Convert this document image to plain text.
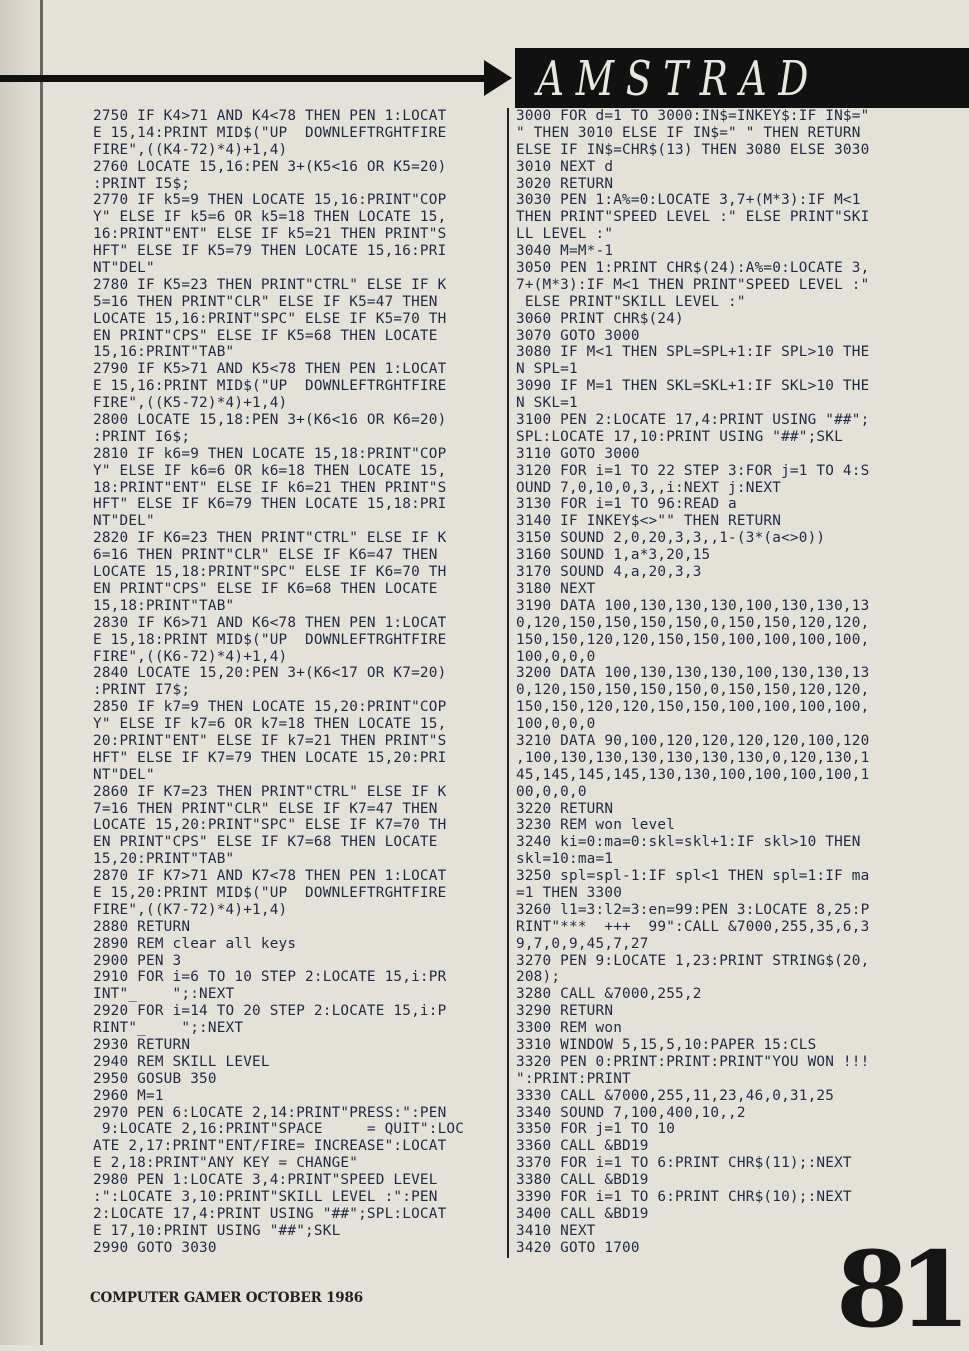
AMSTRAD
2750 IF K4>71 AND K4<78 THEN PEN 1:LOCAT
E 15,14:PRINT MID$("UP  DOWNLEFTRGHTFIRE
FIRE",((K4-72)*4)+1,4)
2760 LOCATE 15,16:PEN 3+(K5<16 OR K5=20)
:PRINT I5$;
2770 IF k5=9 THEN LOCATE 15,16:PRINT"COP
Y" ELSE IF k5=6 OR k5=18 THEN LOCATE 15,
16:PRINT"ENT" ELSE IF k5=21 THEN PRINT"S
HFT" ELSE IF K5=79 THEN LOCATE 15,16:PRI
NT"DEL"
2780 IF K5=23 THEN PRINT"CTRL" ELSE IF K
5=16 THEN PRINT"CLR" ELSE IF K5=47 THEN
LOCATE 15,16:PRINT"SPC" ELSE IF K5=70 TH
EN PRINT"CPS" ELSE IF K5=68 THEN LOCATE
15,16:PRINT"TAB"
2790 IF K5>71 AND K5<78 THEN PEN 1:LOCAT
E 15,16:PRINT MID$("UP  DOWNLEFTRGHTFIRE
FIRE",((K5-72)*4)+1,4)
2800 LOCATE 15,18:PEN 3+(K6<16 OR K6=20)
:PRINT I6$;
2810 IF k6=9 THEN LOCATE 15,18:PRINT"COP
Y" ELSE IF k6=6 OR k6=18 THEN LOCATE 15,
18:PRINT"ENT" ELSE IF k6=21 THEN PRINT"S
HFT" ELSE IF K6=79 THEN LOCATE 15,18:PRI
NT"DEL"
2820 IF K6=23 THEN PRINT"CTRL" ELSE IF K
6=16 THEN PRINT"CLR" ELSE IF K6=47 THEN
LOCATE 15,18:PRINT"SPC" ELSE IF K6=70 TH
EN PRINT"CPS" ELSE IF K6=68 THEN LOCATE
15,18:PRINT"TAB"
2830 IF K6>71 AND K6<78 THEN PEN 1:LOCAT
E 15,18:PRINT MID$("UP  DOWNLEFTRGHTFIRE
FIRE",((K6-72)*4)+1,4)
2840 LOCATE 15,20:PEN 3+(K6<17 OR K7=20)
:PRINT I7$;
2850 IF k7=9 THEN LOCATE 15,20:PRINT"COP
Y" ELSE IF k7=6 OR k7=18 THEN LOCATE 15,
20:PRINT"ENT" ELSE IF k7=21 THEN PRINT"S
HFT" ELSE IF K7=79 THEN LOCATE 15,20:PRI
NT"DEL"
2860 IF K7=23 THEN PRINT"CTRL" ELSE IF K
7=16 THEN PRINT"CLR" ELSE IF K7=47 THEN
LOCATE 15,20:PRINT"SPC" ELSE IF K7=70 TH
EN PRINT"CPS" ELSE IF K7=68 THEN LOCATE
15,20:PRINT"TAB"
2870 IF K7>71 AND K7<78 THEN PEN 1:LOCAT
E 15,20:PRINT MID$("UP  DOWNLEFTRGHTFIRE
FIRE",((K7-72)*4)+1,4)
2880 RETURN
2890 REM clear all keys
2900 PEN 3
2910 FOR i=6 TO 10 STEP 2:LOCATE 15,i:PR
INT"_    ";:NEXT
2920 FOR i=14 TO 20 STEP 2:LOCATE 15,i:P
RINT"_    ";:NEXT
2930 RETURN
2940 REM SKILL LEVEL
2950 GOSUB 350
2960 M=1
2970 PEN 6:LOCATE 2,14:PRINT"PRESS:":PEN
9:LOCATE 2,16:PRINT"SPACE     = QUIT":LOC
ATE 2,17:PRINT"ENT/FIRE= INCREASE":LOCAT
E 2,18:PRINT"ANY KEY = CHANGE"
2980 PEN 1:LOCATE 3,4:PRINT"SPEED LEVEL
:":LOCATE 3,10:PRINT"SKILL LEVEL :":PEN
2:LOCATE 17,4:PRINT USING "##";SPL:LOCAT
E 17,10:PRINT USING "##";SKL
2990 GOTO 3030
3000 FOR d=1 TO 3000:IN$=INKEY$:IF IN$="
" THEN 3010 ELSE IF IN$=" " THEN RETURN
ELSE IF IN$=CHR$(13) THEN 3080 ELSE 3030
3010 NEXT d
3020 RETURN
3030 PEN 1:A%=0:LOCATE 3,7+(M*3):IF M<1
THEN PRINT"SPEED LEVEL :" ELSE PRINT"SKI
LL LEVEL :"
3040 M=M*-1
3050 PEN 1:PRINT CHR$(24):A%=0:LOCATE 3,
7+(M*3):IF M<1 THEN PRINT"SPEED LEVEL :"
ELSE PRINT"SKILL LEVEL :"
3060 PRINT CHR$(24)
3070 GOTO 3000
3080 IF M<1 THEN SPL=SPL+1:IF SPL>10 THE
N SPL=1
3090 IF M=1 THEN SKL=SKL+1:IF SKL>10 THE
N SKL=1
3100 PEN 2:LOCATE 17,4:PRINT USING "##";
SPL:LOCATE 17,10:PRINT USING "##";SKL
3110 GOTO 3000
3120 FOR i=1 TO 22 STEP 3:FOR j=1 TO 4:S
OUND 7,0,10,0,3,,i:NEXT j:NEXT
3130 FOR i=1 TO 96:READ a
3140 IF INKEY$<>"" THEN RETURN
3150 SOUND 2,0,20,3,3,,1-(3*(a<>0))
3160 SOUND 1,a*3,20,15
3170 SOUND 4,a,20,3,3
3180 NEXT
3190 DATA 100,130,130,130,100,130,130,13
0,120,150,150,150,150,0,150,150,120,120,
150,150,120,120,150,150,100,100,100,100,
100,0,0,0
3200 DATA 100,130,130,130,100,130,130,13
0,120,150,150,150,150,0,150,150,120,120,
150,150,120,120,150,150,100,100,100,100,
100,0,0,0
3210 DATA 90,100,120,120,120,120,100,120
,100,130,130,130,130,130,130,0,120,130,1
45,145,145,145,130,130,100,100,100,100,1
00,0,0,0
3220 RETURN
3230 REM won level
3240 ki=0:ma=0:skl=skl+1:IF skl>10 THEN
skl=10:ma=1
3250 spl=spl-1:IF spl<1 THEN spl=1:IF ma
=1 THEN 3300
3260 l1=3:l2=3:en=99:PEN 3:LOCATE 8,25:P
RINT"***  +++  99":CALL &7000,255,35,6,3
9,7,0,9,45,7,27
3270 PEN 9:LOCATE 1,23:PRINT STRING$(20,
208);
3280 CALL &7000,255,2
3290 RETURN
3300 REM won
3310 WINDOW 5,15,5,10:PAPER 15:CLS
3320 PEN 0:PRINT:PRINT:PRINT"YOU WON !!!
":PRINT:PRINT
3330 CALL &7000,255,11,23,46,0,31,25
3340 SOUND 7,100,400,10,,2
3350 FOR j=1 TO 10
3360 CALL &BD19
3370 FOR i=1 TO 6:PRINT CHR$(11);:NEXT
3380 CALL &BD19
3390 FOR i=1 TO 6:PRINT CHR$(10);:NEXT
3400 CALL &BD19
3410 NEXT
3420 GOTO 1700
COMPUTER GAMER OCTOBER 1986	81
